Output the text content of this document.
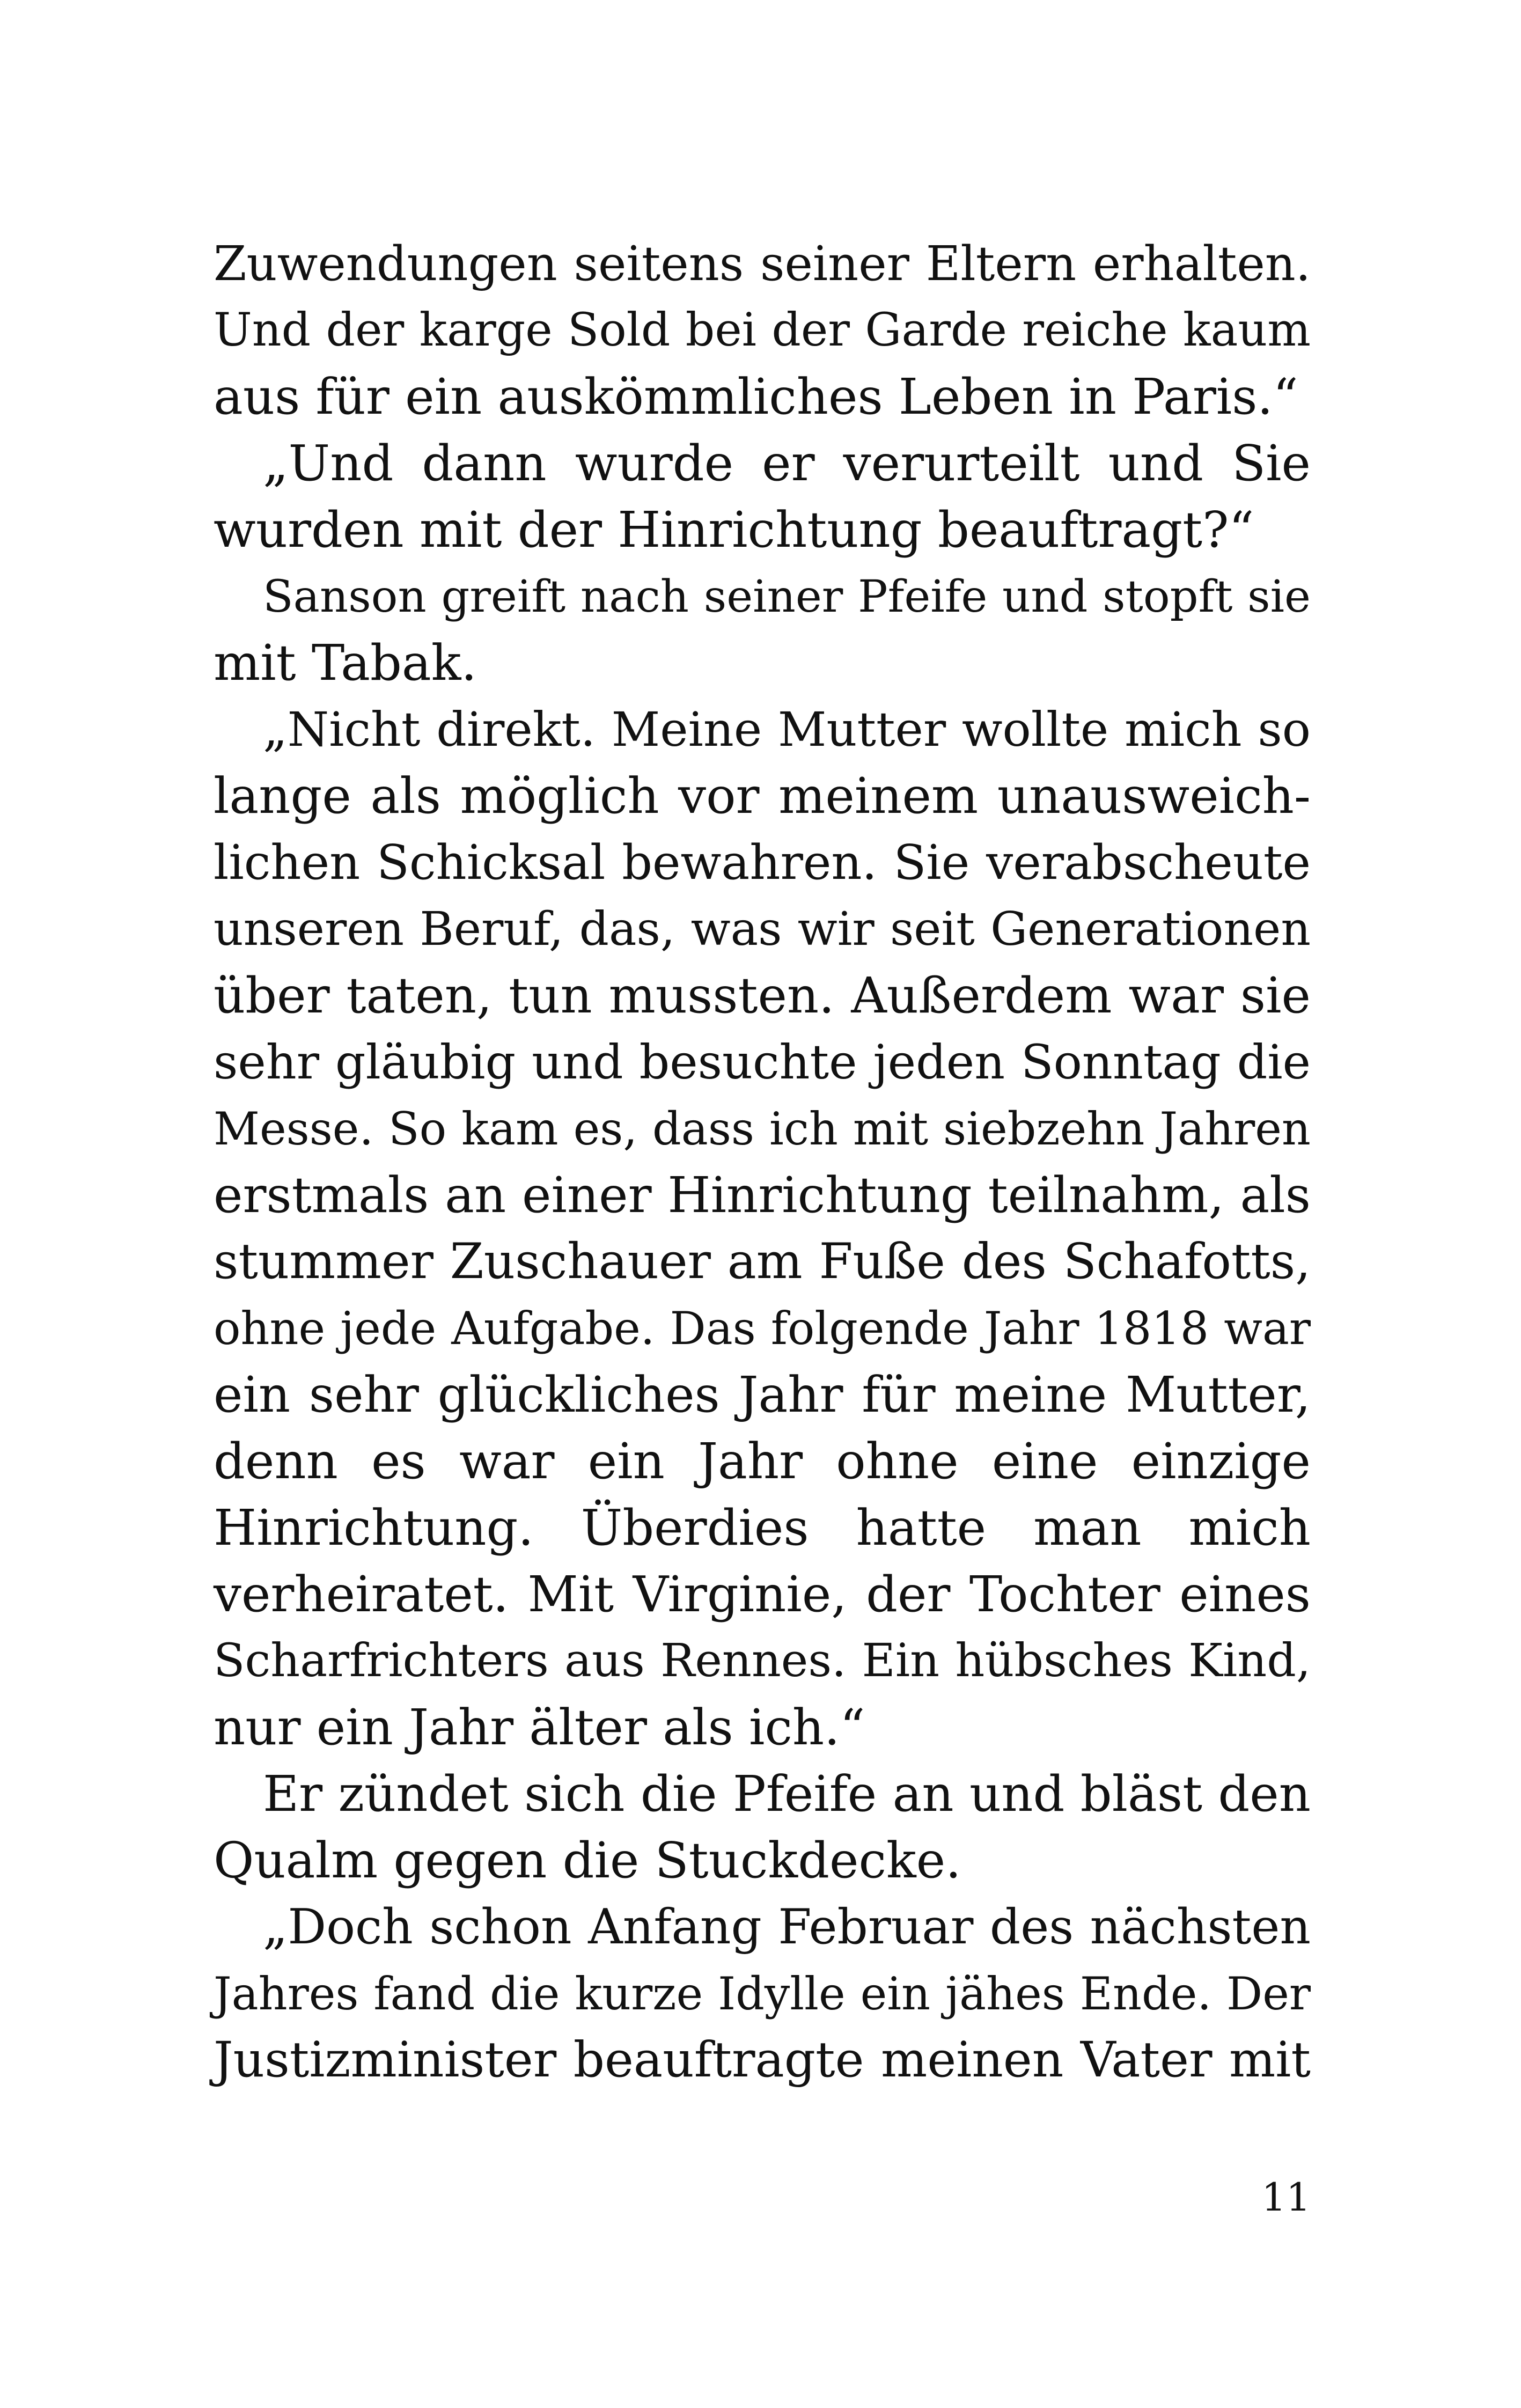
Zuwendungen seitens seiner Eltern erhalten.
Und der karge Sold bei der Garde reiche kaum
aus für ein auskömmliches Leben in Paris.“
„Und dann wurde er verurteilt und Sie
wurden mit der Hinrichtung beauftragt?“
Sanson greift nach seiner Pfeife und stopft sie
mit Tabak.
„Nicht direkt. Meine Mutter wollte mich so
lange als möglich vor meinem unausweich-
lichen Schicksal bewahren. Sie verabscheute
unseren Beruf, das, was wir seit Generationen
über taten, tun mussten. Außerdem war sie
sehr gläubig und besuchte jeden Sonntag die
Messe. So kam es, dass ich mit siebzehn Jahren
erstmals an einer Hinrichtung teilnahm, als
stummer Zuschauer am Fuße des Schafotts,
ohne jede Aufgabe. Das folgende Jahr 1818 war
ein sehr glückliches Jahr für meine Mutter,
denn es war ein Jahr ohne eine einzige
Hinrichtung. Überdies hatte man mich
verheiratet. Mit Virginie, der Tochter eines
Scharfrichters aus Rennes. Ein hübsches Kind,
nur ein Jahr älter als ich.“
Er zündet sich die Pfeife an und bläst den
Qualm gegen die Stuckdecke.
„Doch schon Anfang Februar des nächsten
Jahres fand die kurze Idylle ein jähes Ende. Der
Justizminister beauftragte meinen Vater mit
11
